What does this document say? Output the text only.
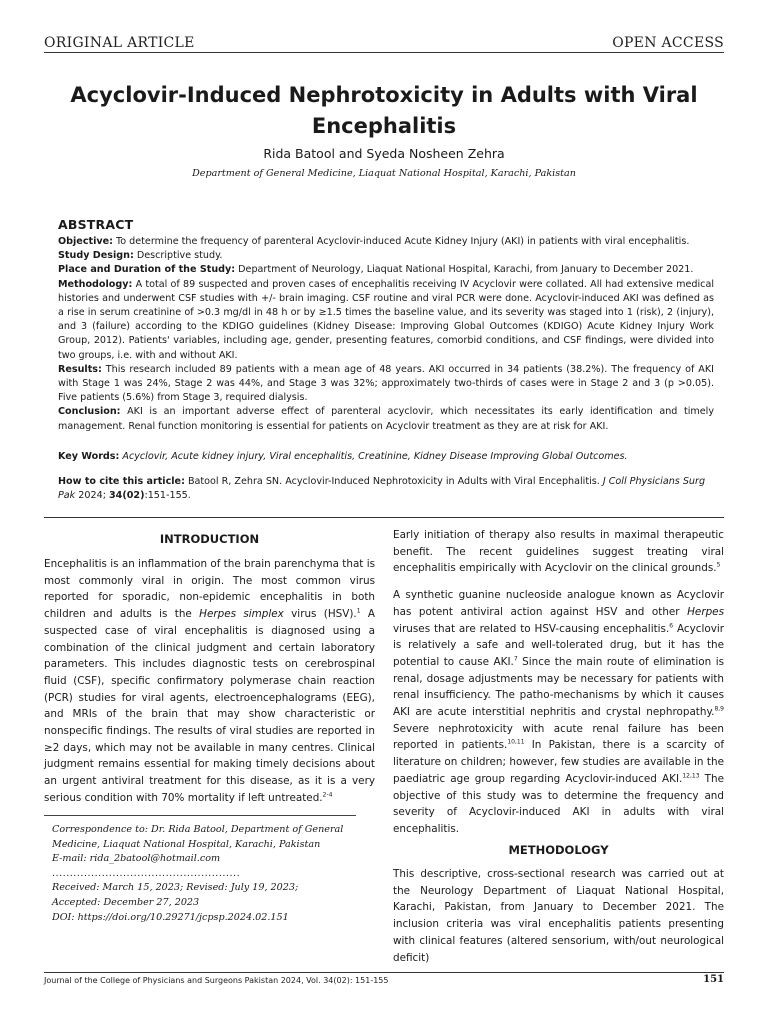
ORIGINAL ARTICLE	OPEN ACCESS
Acyclovir-Induced Nephrotoxicity in Adults with Viral
Encephalitis
Rida Batool and Syeda Nosheen Zehra
Department of General Medicine, Liaquat National Hospital, Karachi, Pakistan
ABSTRACT

Objective: To determine the frequency of parenteral Acyclovir-induced Acute Kidney Injury (AKI) in patients with viral encephalitis.

Study Design: Descriptive study.

Place and Duration of the Study: Department of Neurology, Liaquat National Hospital, Karachi, from January to December 2021.

Methodology: A total of 89 suspected and proven cases of encephalitis receiving IV Acyclovir were collated. All had extensive medical histories and underwent CSF studies with +/- brain imaging. CSF routine and viral PCR were done. Acyclovir-induced AKI was defined as a rise in serum creatinine of >0.3 mg/dl in 48 h or by ≥1.5 times the baseline value, and its severity was staged into 1 (risk), 2 (injury), and 3 (failure) according to the KDIGO guidelines (Kidney Disease: Improving Global Outcomes (KDIGO) Acute Kidney Injury Work Group, 2012). Patients' variables, including age, gender, presenting features, comorbid conditions, and CSF findings, were divided into two groups, i.e. with and without AKI.

Results: This research included 89 patients with a mean age of 48 years. AKI occurred in 34 patients (38.2%). The frequency of AKI with Stage 1 was 24%, Stage 2 was 44%, and Stage 3 was 32%; approximately two-thirds of cases were in Stage 2 and 3 (p >0.05). Five patients (5.6%) from Stage 3, required dialysis.

Conclusion: AKI is an important adverse effect of parenteral acyclovir, which necessitates its early identification and timely management. Renal function monitoring is essential for patients on Acyclovir treatment as they are at risk for AKI.

Key Words: Acyclovir, Acute kidney injury, Viral encephalitis, Creatinine, Kidney Disease Improving Global Outcomes.
How to cite this article: Batool R, Zehra SN. Acyclovir-Induced Nephrotoxicity in Adults with Viral Encephalitis. J Coll Physicians Surg Pak 2024; 34(02):151-155.
INTRODUCTION

Encephalitis is an inflammation of the brain parenchyma that is most commonly viral in origin. The most common virus reported for sporadic, non-epidemic encephalitis in both children and adults is the Herpes simplex virus (HSV).$^1$ A suspected case of viral encephalitis is diagnosed using a combination of the clinical judgment and certain laboratory parameters. This includes diagnostic tests on cerebrospinal fluid (CSF), specific confirmatory polymerase chain reaction (PCR) studies for viral agents, electroencephalograms (EEG), and MRIs of the brain that may show characteristic or nonspecific findings. The results of viral studies are reported in ≥2 days, which may not be available in many centres. Clinical judgment remains essential for making timely decisions about an urgent antiviral treatment for this disease, as it is a very serious condition with 70% mortality if left untreated.$^{2-4}$

Correspondence to: Dr. Rida Batool, Department of General Medicine, Liaquat National Hospital, Karachi, Pakistan

E-mail: rida_2batool@hotmail.com

.....................................................

Received: March 15, 2023; Revised: July 19, 2023;

Accepted: December 27, 2023

DOI: https://doi.org/10.29271/jcpsp.2024.02.151

Early initiation of therapy also results in maximal therapeutic benefit. The recent guidelines suggest treating viral encephalitis empirically with Acyclovir on the clinical grounds.$^5$

A synthetic guanine nucleoside analogue known as Acyclovir has potent antiviral action against HSV and other Herpes viruses that are related to HSV-causing encephalitis.$^6$ Acyclovir is relatively a safe and well-tolerated drug, but it has the potential to cause AKI.$^7$ Since the main route of elimination is renal, dosage adjustments may be necessary for patients with renal insufficiency. The patho-mechanisms by which it causes AKI are acute interstitial nephritis and crystal nephropathy.$^{8,9}$ Severe nephrotoxicity with acute renal failure has been reported in patients.$^{10,11}$ In Pakistan, there is a scarcity of literature on children; however, few studies are available in the paediatric age group regarding Acyclovir-induced AKI.$^{12,13}$ The objective of this study was to determine the frequency and severity of Acyclovir-induced AKI in adults with viral encephalitis.

METHODOLOGY

This descriptive, cross-sectional research was carried out at the Neurology Department of Liaquat National Hospital, Karachi, Pakistan, from January to December 2021. The inclusion criteria was viral encephalitis patients presenting with clinical features (altered sensorium, with/out neurological deficit)

Journal of the College of Physicians and Surgeons Pakistan 2024, Vol. 34(02): 151-155	151
